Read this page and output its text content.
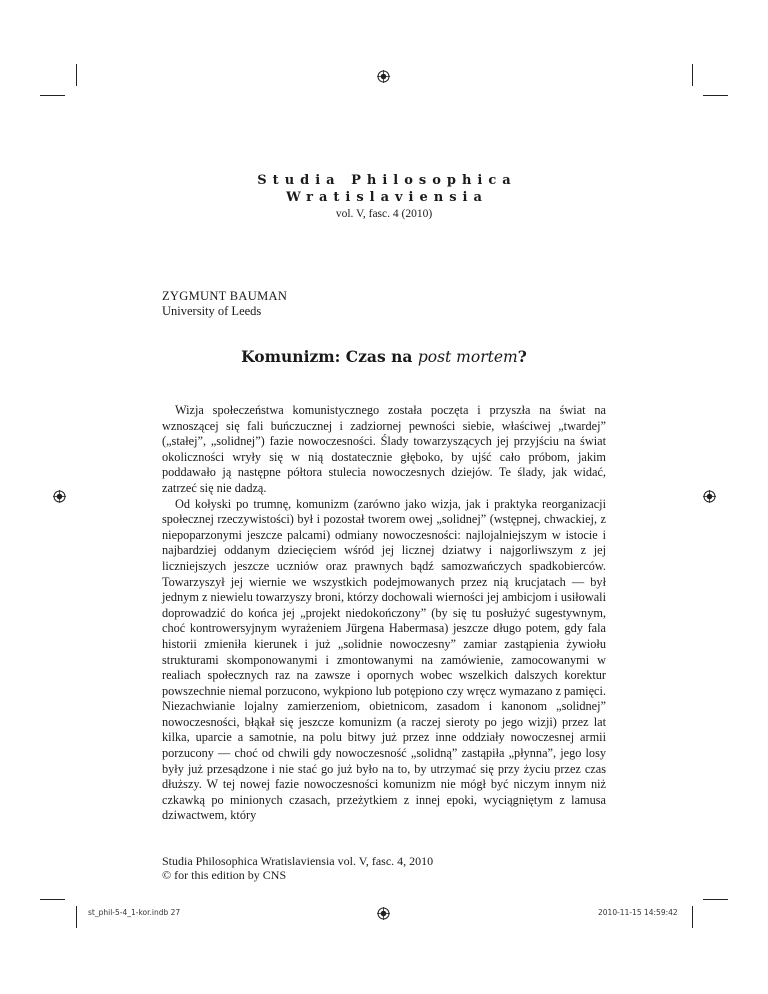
Studia Philosophica
Wratislaviensia
vol. V, fasc. 4 (2010)
ZYGMUNT BAUMAN
University of Leeds
Komunizm: Czas na post mortem?

Wizja społeczeństwa komunistycznego została poczęta i przyszła na świat na wznoszącej się fali buńczucznej i zadziornej pewności siebie, właściwej „twardej” („stałej”, „solidnej”) fazie nowoczesności. Ślady towarzyszących jej przyjściu na świat okoliczności wryły się w nią dostatecznie głęboko, by ujść cało próbom, jakim poddawało ją następne półtora stulecia nowoczesnych dziejów. Te ślady, jak widać, zatrzeć się nie dadzą.

Od kołyski po trumnę, komunizm (zarówno jako wizja, jak i praktyka reorganizacji społecznej rzeczywistości) był i pozostał tworem owej „solidnej” (wstępnej, chwackiej, z niepoparzonymi jeszcze palcami) odmiany nowoczesności: najlojalniejszym w istocie i najbardziej oddanym dziecięciem wśród jej licznej dziatwy i najgorliwszym z jej liczniejszych jeszcze uczniów oraz prawnych bądź samozwańczych spadkobierców. Towarzyszył jej wiernie we wszystkich podejmowanych przez nią krucjatach — był jednym z niewielu towarzyszy broni, którzy dochowali wierności jej ambicjom i usiłowali doprowadzić do końca jej „projekt niedokończony” (by się tu posłużyć sugestywnym, choć kontrowersyjnym wyrażeniem Jürgena Habermasa) jeszcze długo potem, gdy fala historii zmieniła kierunek i już „solidnie nowoczesny” zamiar zastąpienia żywiołu strukturami skomponowanymi i zmontowanymi na zamówienie, zamocowanymi w realiach społecznych raz na zawsze i opornych wobec wszelkich dalszych korektur powszechnie niemal porzucono, wykpiono lub potępiono czy wręcz wymazano z pamięci. Niezachwianie lojalny zamierzeniom, obietnicom, zasadom i kanonom „solidnej” nowoczesności, błąkał się jeszcze komunizm (a raczej sieroty po jego wizji) przez lat kilka, uparcie a samotnie, na polu bitwy już przez inne oddziały nowoczesnej armii porzucony — choć od chwili gdy nowoczesność „solidną” zastąpiła „płynna”, jego losy były już przesądzone i nie stać go już było na to, by utrzymać się przy życiu przez czas dłuższy. W tej nowej fazie nowoczesności komunizm nie mógł być niczym innym niż czkawką po minionych czasach, przeżytkiem z innej epoki, wyciągniętym z lamusa dziwactwem, który

Studia Philosophica Wratislaviensia vol. V, fasc. 4, 2010
© for this edition by CNS
st_phil-5-4_1-kor.indb 27	2010-11-15 14:59:42
